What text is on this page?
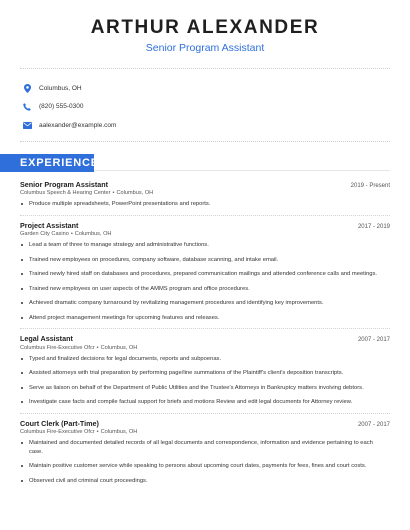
ARTHUR ALEXANDER
Senior Program Assistant
Columbus, OH
(820) 555-0300
aalexander@example.com
EXPERIENCE
Senior Program Assistant	2019 - Present
Columbus Speech & Hearing Center • Columbus, OH
Produce multiple spreadsheets, PowerPoint presentations and reports.
Project Assistant	2017 - 2019
Garden City Casino • Columbus, OH
Lead a team of three to manage strategy and administrative functions.
Trained new employees on procedures, company software, database scanning, and intake email.
Trained newly hired staff on databases and procedures, prepared communication mailings and attended conference calls and meetings.
Trained new employees on user aspects of the AMMS program and office procedures.
Achieved dramatic company turnaround by revitalizing management procedures and identifying key improvements.
Attend project management meetings for upcoming features and releases.
Legal Assistant	2007 - 2017
Columbus Fire-Executive Ofcr • Columbus, OH
Typed and finalized decisions for legal documents, reports and subpoenas.
Assisted attorneys with trial preparation by performing page/line summations of the Plaintiff’s client’s deposition transcripts.
Serve as liaison on behalf of the Department of Public Utilities and the Trustee’s Attorneys in Bankruptcy matters involving debtors.
Investigate case facts and compile factual support for briefs and motions Review and edit legal documents for Attorney review.
Court Clerk (Part-Time)	2007 - 2017
Columbus Fire-Executive Ofcr • Columbus, OH
Maintained and documented detailed records of all legal documents and correspondence, information and evidence pertaining to each case.
Maintain positive customer service while speaking to persons about upcoming court dates, payments for fees, fines and court costs.
Observed civil and criminal court proceedings.
